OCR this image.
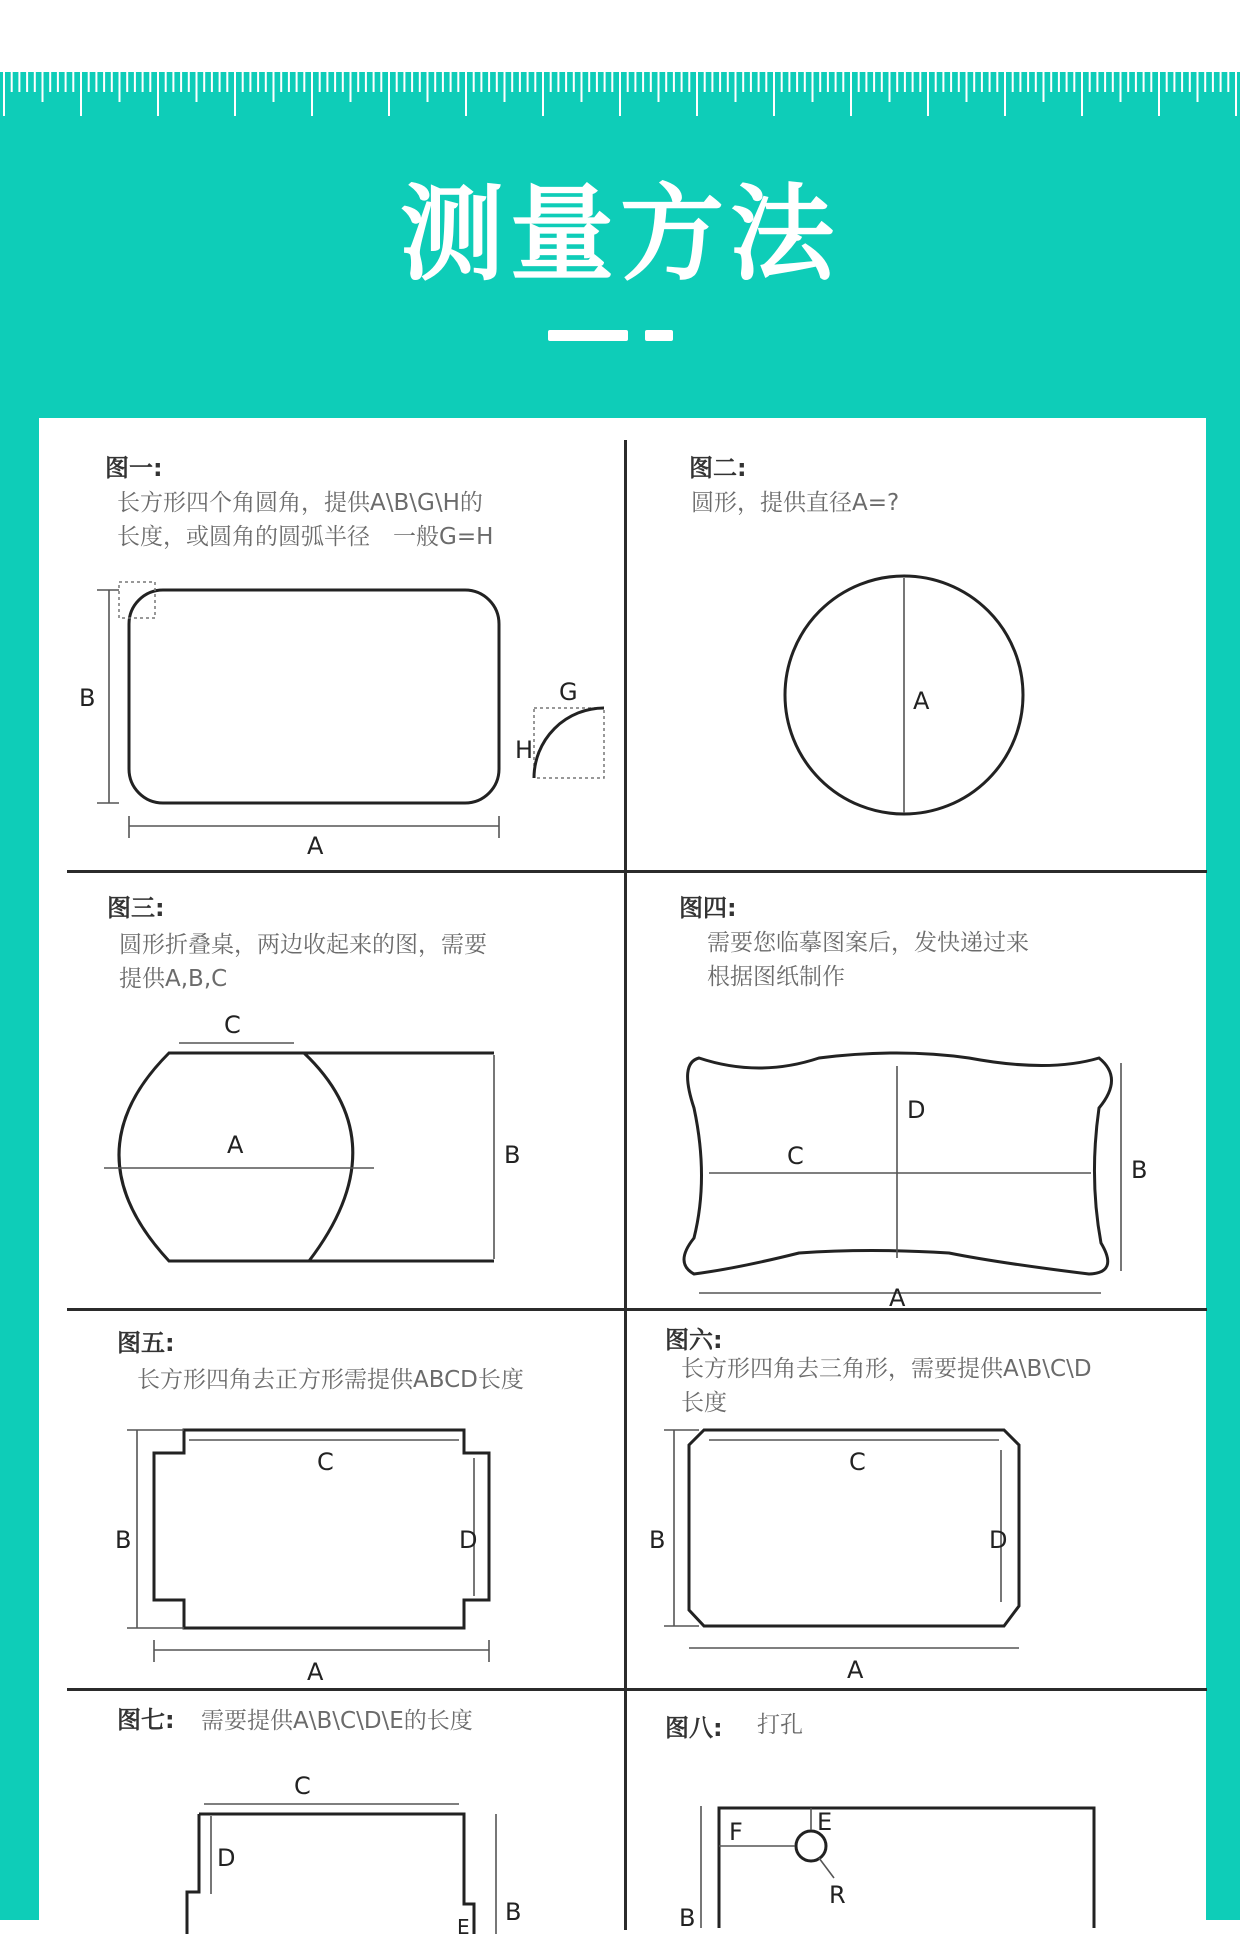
测量方法
图一:
长方形四个角圆角，提供A\B\G\H的
长度，或圆角的圆弧半径　一般G=H
B
A
G
H
图二:
圆形，提供直径A=?
A
图三:
圆形折叠桌，两边收起来的图，需要
提供A,B,C
C
A	B
图四:
需要您临摹图案后，发快递过来
根据图纸制作
C
D
B
A
图五:
长方形四角去正方形需提供ABCD长度
C
D
B
A
图六:
长方形四角去三角形，需要提供A\B\C\D
长度
C
D
B
A
图七: 需要提供A\B\C\D\E的长度
C
D
B
E
图八: 打孔
F	E
R
B
